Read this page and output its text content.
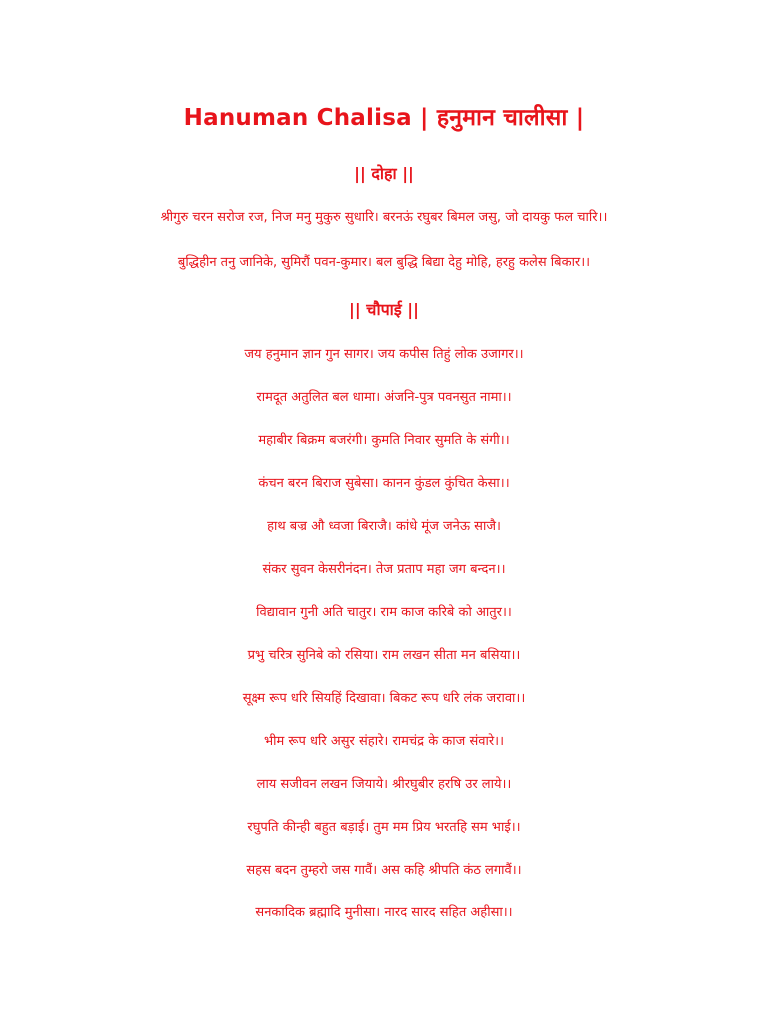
Hanuman Chalisa | हनुमान चालीसा |
|| दोहा ||
श्रीगुरु चरन सरोज रज, निज मनु मुकुरु सुधारि। बरनऊं रघुबर बिमल जसु, जो दायकु फल चारि।।
बुद्धिहीन तनु जानिके, सुमिरौं पवन-कुमार। बल बुद्धि बिद्या देहु मोहि, हरहु कलेस बिकार।।
|| चौपाई ||
जय हनुमान ज्ञान गुन सागर। जय कपीस तिहुं लोक उजागर।।
रामदूत अतुलित बल धामा। अंजनि-पुत्र पवनसुत नामा।।
महाबीर बिक्रम बजरंगी। कुमति निवार सुमति के संगी।।
कंचन बरन बिराज सुबेसा। कानन कुंडल कुंचित केसा।।
हाथ बज्र औ ध्वजा बिराजै। कांधे मूंज जनेऊ साजै।
संकर सुवन केसरीनंदन। तेज प्रताप महा जग बन्दन।।
विद्यावान गुनी अति चातुर। राम काज करिबे को आतुर।।
प्रभु चरित्र सुनिबे को रसिया। राम लखन सीता मन बसिया।।
सूक्ष्म रूप धरि सियहिं दिखावा। बिकट रूप धरि लंक जरावा।।
भीम रूप धरि असुर संहारे। रामचंद्र के काज संवारे।।
लाय सजीवन लखन जियाये। श्रीरघुबीर हरषि उर लाये।।
रघुपति कीन्ही बहुत बड़ाई। तुम मम प्रिय भरतहि सम भाई।।
सहस बदन तुम्हरो जस गावैं। अस कहि श्रीपति कंठ लगावैं।।
सनकादिक ब्रह्मादि मुनीसा। नारद सारद सहित अहीसा।।
